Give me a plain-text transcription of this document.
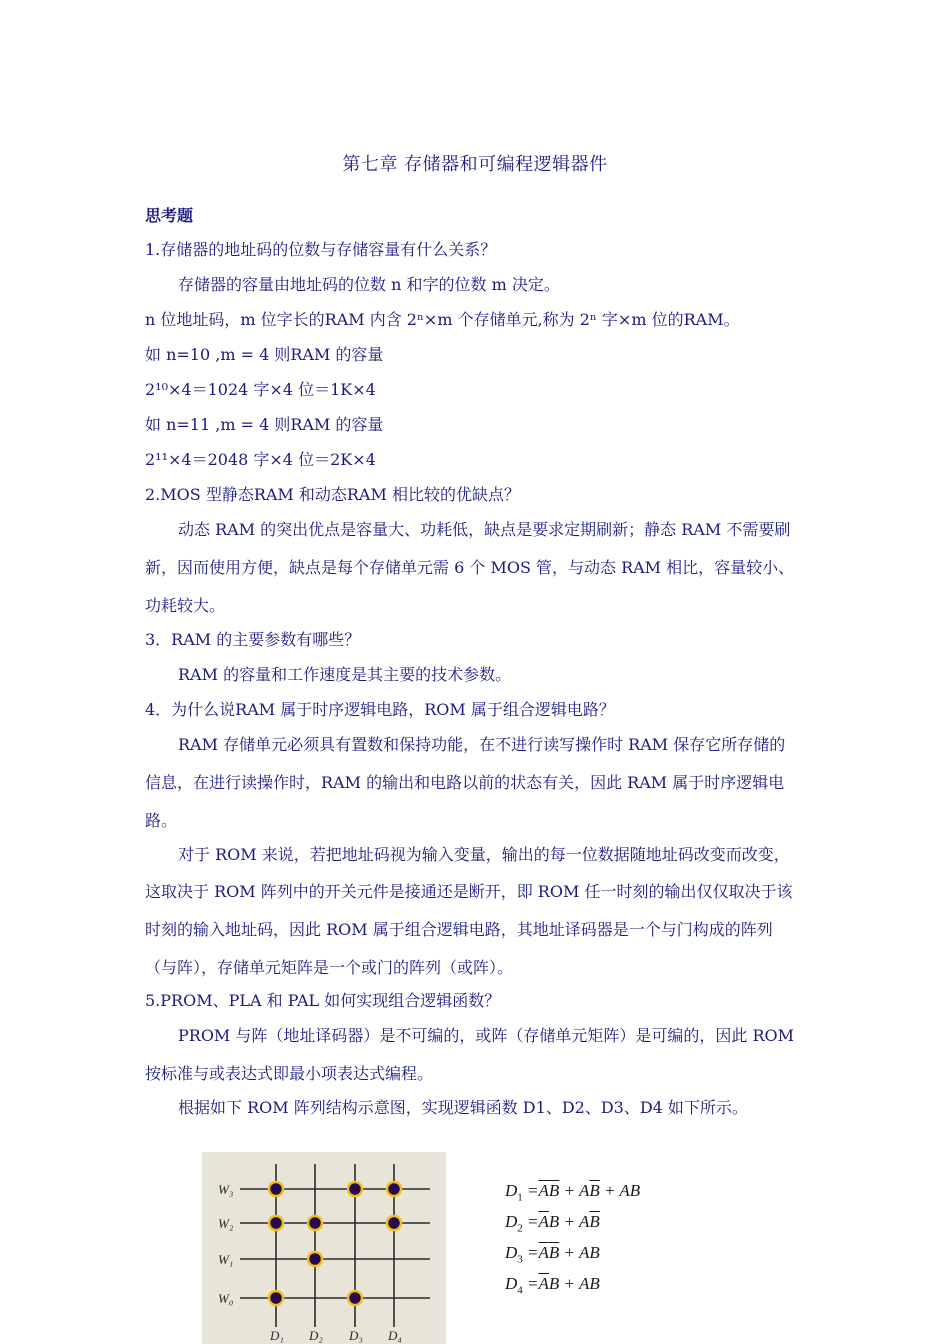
第七章 存储器和可编程逻辑器件
思考题
1.存储器的地址码的位数与存储容量有什么关系？
存储器的容量由地址码的位数 n 和字的位数 m 决定。
n 位地址码，m 位字长的RAM 内含 2ⁿ×m 个存储单元,称为 2ⁿ 字×m 位的RAM。
如 n=10 ,m = 4 则RAM 的容量
2¹⁰×4＝1024 字×4 位＝1K×4
如 n=11 ,m = 4 则RAM 的容量
2¹¹×4＝2048 字×4 位＝2K×4
2.MOS 型静态RAM 和动态RAM 相比较的优缺点？
动态 RAM 的突出优点是容量大、功耗低，缺点是要求定期刷新；静态 RAM 不需要刷
新，因而使用方便，缺点是每个存储单元需 6 个 MOS 管，与动态 RAM 相比，容量较小、
功耗较大。
3．RAM 的主要参数有哪些？
RAM 的容量和工作速度是其主要的技术参数。
4．为什么说RAM 属于时序逻辑电路，ROM 属于组合逻辑电路？
RAM 存储单元必须具有置数和保持功能，在不进行读写操作时 RAM 保存它所存储的
信息，在进行读操作时，RAM 的输出和电路以前的状态有关，因此 RAM 属于时序逻辑电
路。
对于 ROM 来说，若把地址码视为输入变量，输出的每一位数据随地址码改变而改变，
这取决于 ROM 阵列中的开关元件是接通还是断开，即 ROM 任一时刻的输出仅仅取决于该
时刻的输入地址码，因此 ROM 属于组合逻辑电路，其地址译码器是一个与门构成的阵列
（与阵），存储单元矩阵是一个或门的阵列（或阵）。
5.PROM、PLA 和 PAL 如何实现组合逻辑函数？
PROM 与阵（地址译码器）是不可编的，或阵（存储单元矩阵）是可编的，因此 ROM
按标准与或表达式即最小项表达式编程。
根据如下 ROM 阵列结构示意图，实现逻辑函数 D1、D2、D3、D4 如下所示。
W₃
W₂
W₁
W₀
D₁ D₂ D₃ D₄
$D_1 =\overline{A}\overline{B} + A\overline{B}$ + AB
$D_2 =\overline{A}B + A\overline{B}$
$D_3 =\overline{A}\overline{B}$ + AB
$D_4 =\overline{A}B$ + AB
